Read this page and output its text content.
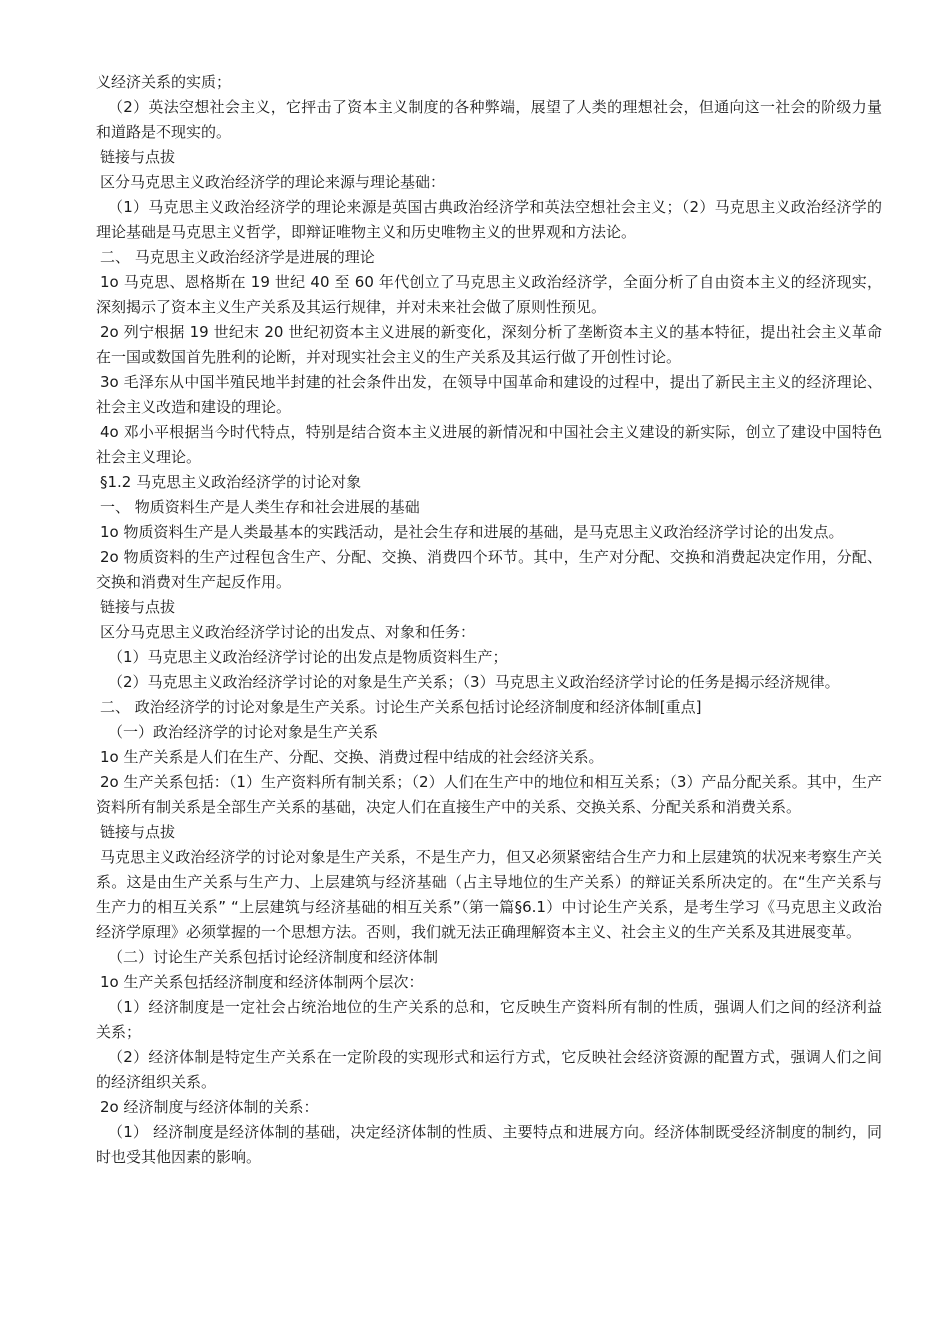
义经济关系的实质；

（2）英法空想社会主义，它抨击了资本主义制度的各种弊端，展望了人类的理想社会，但通向这一社会的阶级力量和道路是不现实的。

链接与点拔

区分马克思主义政治经济学的理论来源与理论基础：

（1）马克思主义政治经济学的理论来源是英国古典政治经济学和英法空想社会主义；（2）马克思主义政治经济学的理论基础是马克思主义哲学，即辩证唯物主义和历史唯物主义的世界观和方法论。

二、 马克思主义政治经济学是进展的理论

1o 马克思、恩格斯在 19 世纪 40 至 60 年代创立了马克思主义政治经济学，全面分析了自由资本主义的经济现实，深刻揭示了资本主义生产关系及其运行规律，并对未来社会做了原则性预见。

2o 列宁根据 19 世纪末 20 世纪初资本主义进展的新变化，深刻分析了垄断资本主义的基本特征，提出社会主义革命在一国或数国首先胜利的论断，并对现实社会主义的生产关系及其运行做了开创性讨论。

3o 毛泽东从中国半殖民地半封建的社会条件出发，在领导中国革命和建设的过程中，提出了新民主主义的经济理论、社会主义改造和建设的理论。

4o 邓小平根据当今时代特点，特别是结合资本主义进展的新情况和中国社会主义建设的新实际，创立了建设中国特色社会主义理论。

§1.2 马克思主义政治经济学的讨论对象

一、 物质资料生产是人类生存和社会进展的基础

1o 物质资料生产是人类最基本的实践活动，是社会生存和进展的基础，是马克思主义政治经济学讨论的出发点。

2o 物质资料的生产过程包含生产、分配、交换、消费四个环节。其中，生产对分配、交换和消费起决定作用，分配、交换和消费对生产起反作用。

链接与点拔

区分马克思主义政治经济学讨论的出发点、对象和任务：

（1）马克思主义政治经济学讨论的出发点是物质资料生产；

（2）马克思主义政治经济学讨论的对象是生产关系；（3）马克思主义政治经济学讨论的任务是揭示经济规律。

二、 政治经济学的讨论对象是生产关系。讨论生产关系包括讨论经济制度和经济体制[重点]

（一）政治经济学的讨论对象是生产关系

1o 生产关系是人们在生产、分配、交换、消费过程中结成的社会经济关系。

2o 生产关系包括：（1）生产资料所有制关系；（2）人们在生产中的地位和相互关系；（3）产品分配关系。其中，生产资料所有制关系是全部生产关系的基础，决定人们在直接生产中的关系、交换关系、分配关系和消费关系。

链接与点拔

马克思主义政治经济学的讨论对象是生产关系，不是生产力，但又必须紧密结合生产力和上层建筑的状况来考察生产关系。这是由生产关系与生产力、上层建筑与经济基础（占主导地位的生产关系）的辩证关系所决定的。在“生产关系与生产力的相互关系” “上层建筑与经济基础的相互关系”（第一篇§6.1）中讨论生产关系，是考生学习《马克思主义政治经济学原理》必须掌握的一个思想方法。否则，我们就无法正确理解资本主义、社会主义的生产关系及其进展变革。

（二）讨论生产关系包括讨论经济制度和经济体制

1o 生产关系包括经济制度和经济体制两个层次：

（1）经济制度是一定社会占统治地位的生产关系的总和，它反映生产资料所有制的性质，强调人们之间的经济利益关系；

（2）经济体制是特定生产关系在一定阶段的实现形式和运行方式，它反映社会经济资源的配置方式，强调人们之间的经济组织关系。

2o 经济制度与经济体制的关系：

（1） 经济制度是经济体制的基础，决定经济体制的性质、主要特点和进展方向。经济体制既受经济制度的制约，同时也受其他因素的影响。
